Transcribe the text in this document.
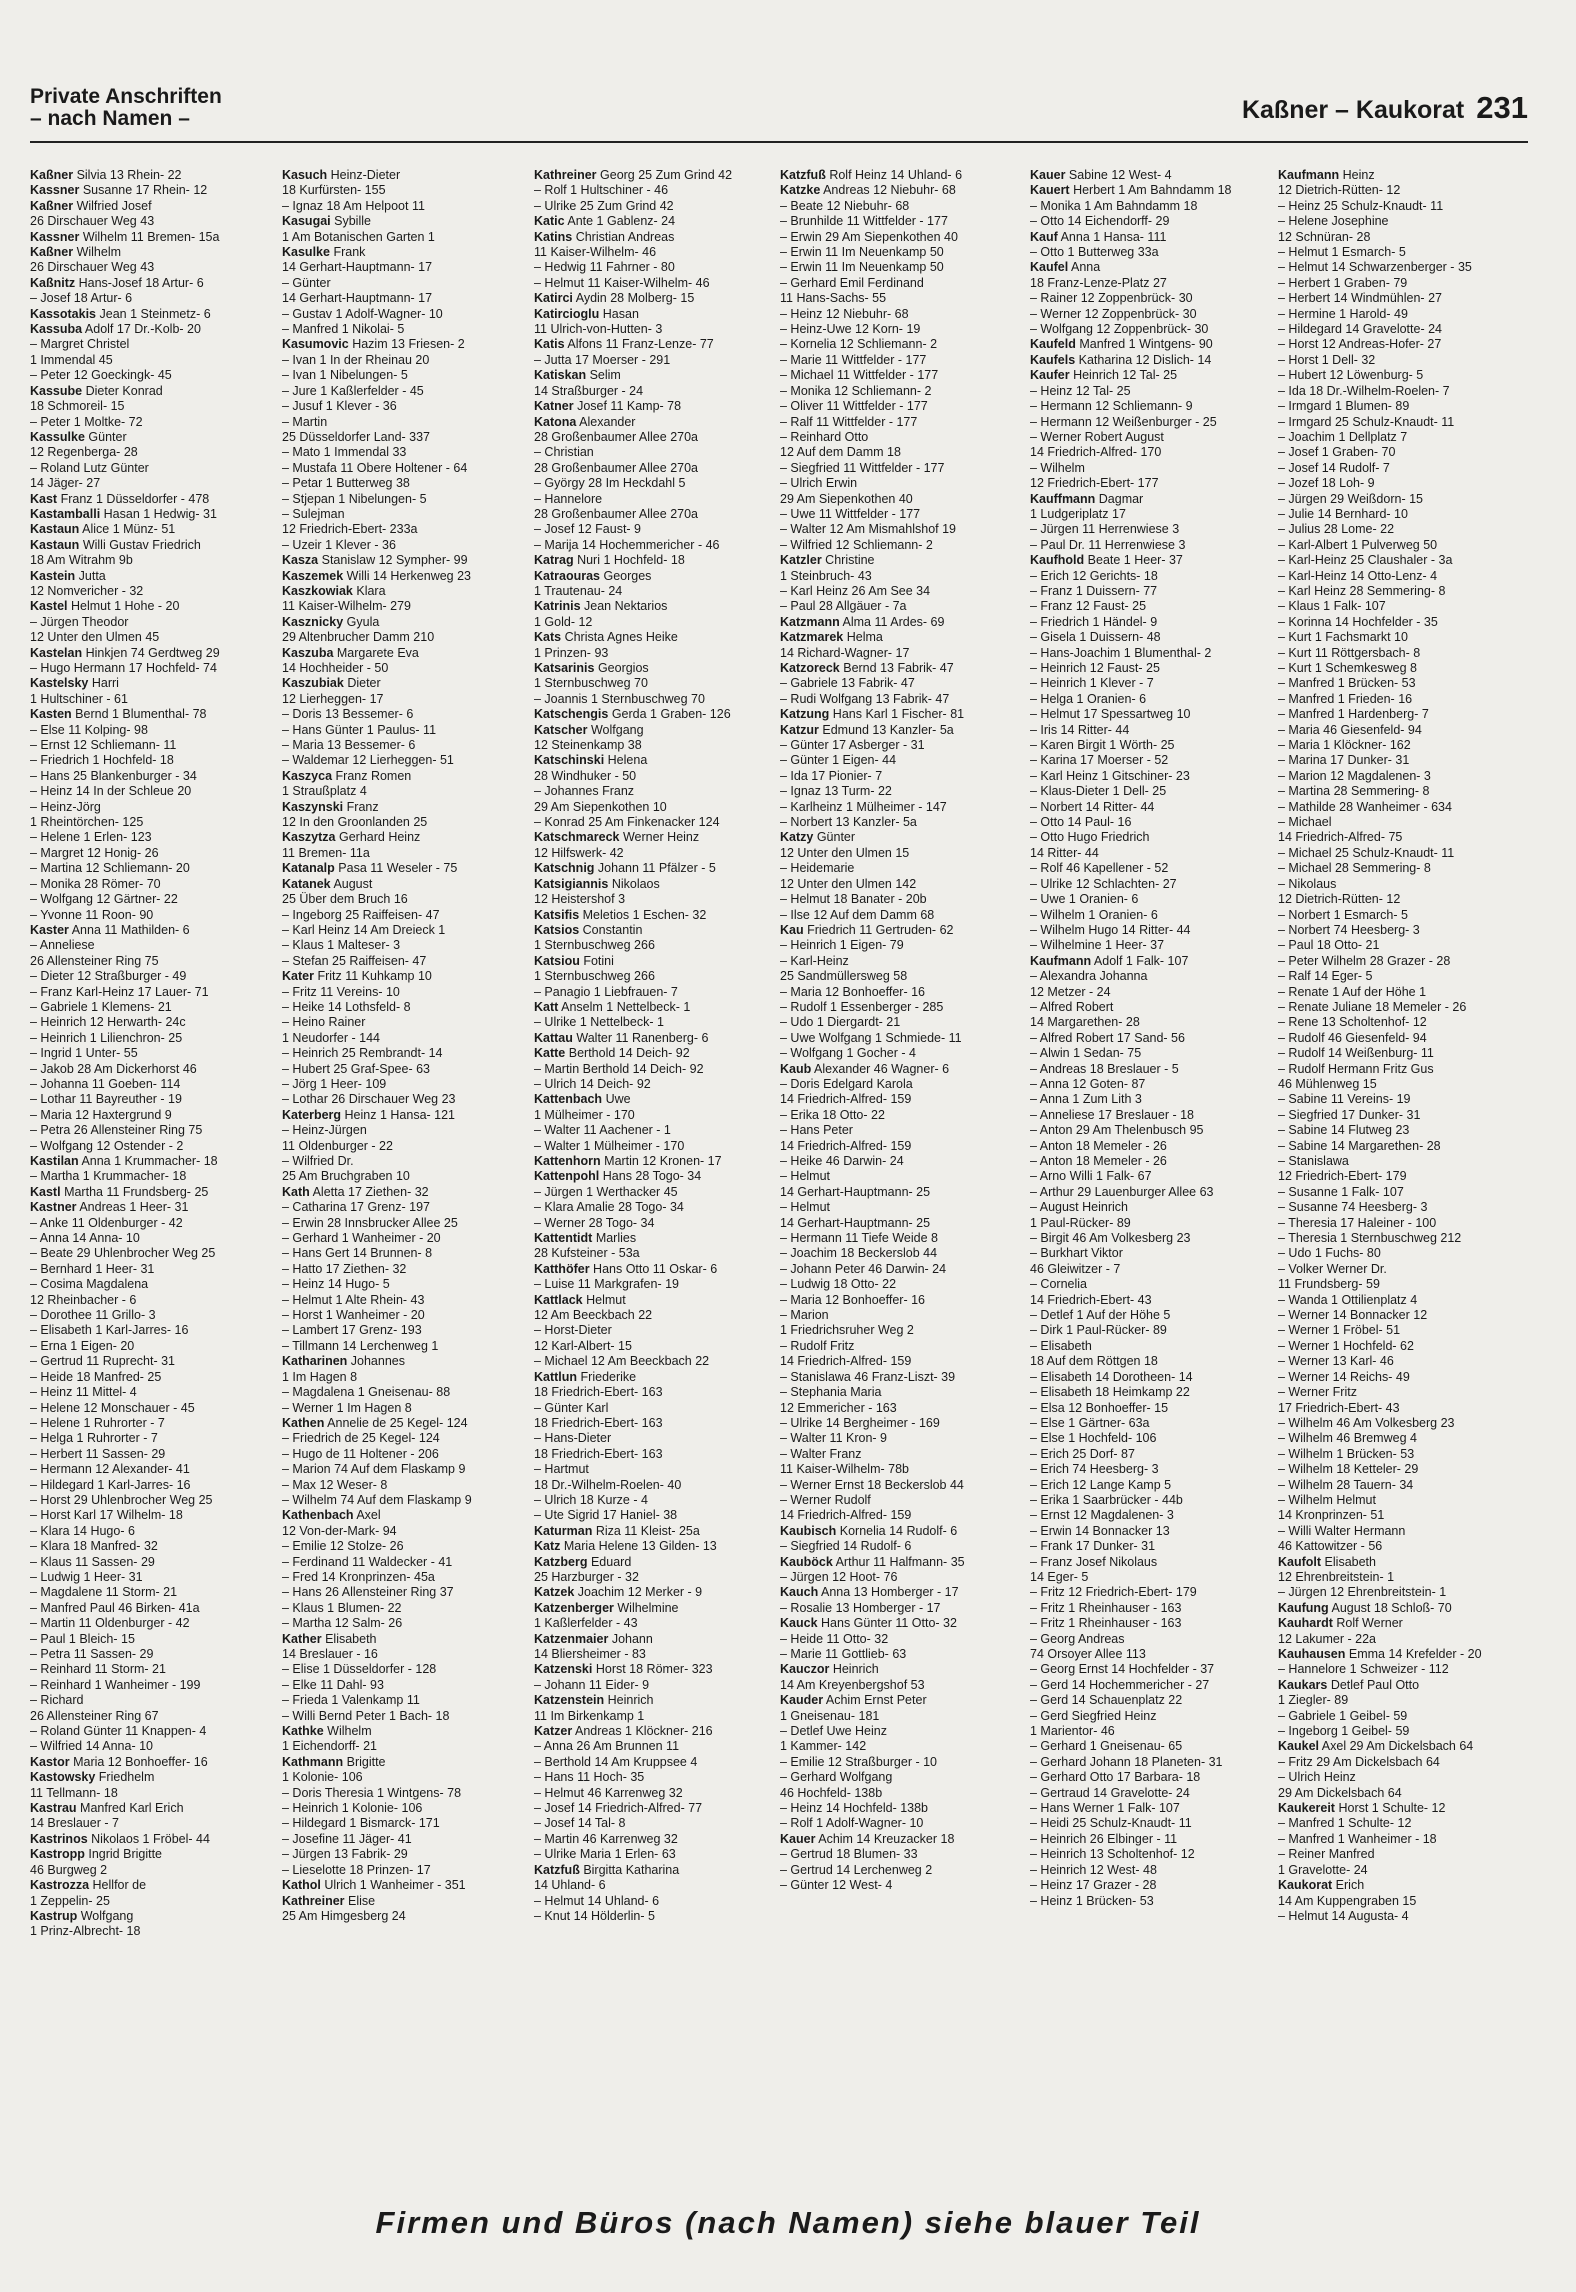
Private Anschriften
– nach Namen –	Kaßner – Kaukorat 231
Kaßner Silvia 13 Rhein- 22
Kassner Susanne 17 Rhein- 12
Kaßner Wilfried Josef
26 Dirschauer Weg 43
Kassner Wilhelm 11 Bremen- 15a
Kaßner Wilhelm
26 Dirschauer Weg 43
Kaßnitz Hans-Josef 18 Artur- 6
– Josef 18 Artur- 6
Kassotakis Jean 1 Steinmetz- 6
Kassuba Adolf 17 Dr.-Kolb- 20
– Margret Christel
1 Immendal 45
– Peter 12 Goeckingk- 45
Kassube Dieter Konrad
18 Schmoreil- 15
– Peter 1 Moltke- 72
Kassulke Günter
12 Regenberga- 28
– Roland Lutz Günter
14 Jäger- 27
Kast Franz 1 Düsseldorfer - 478
Kastamballi Hasan 1 Hedwig- 31
Kastaun Alice 1 Münz- 51
Kastaun Willi Gustav Friedrich
18 Am Witrahm 9b
Kastein Jutta
12 Nomvericher - 32
Kastel Helmut 1 Hohe - 20
– Jürgen Theodor
12 Unter den Ulmen 45
Kastelan Hinkjen 74 Gerdtweg 29
– Hugo Hermann 17 Hochfeld- 74
Kastelsky Harri
1 Hultschiner - 61
Kasten Bernd 1 Blumenthal- 78
– Else 11 Kolping- 98
– Ernst 12 Schliemann- 11
– Friedrich 1 Hochfeld- 18
– Hans 25 Blankenburger - 34
– Heinz 14 In der Schleue 20
– Heinz-Jörg
1 Rheintörchen- 125
– Helene 1 Erlen- 123
– Margret 12 Honig- 26
– Martina 12 Schliemann- 20
– Monika 28 Römer- 70
– Wolfgang 12 Gärtner- 22
– Yvonne 11 Roon- 90
Kaster Anna 11 Mathilden- 6
– Anneliese
26 Allensteiner Ring 75
– Dieter 12 Straßburger - 49
– Franz Karl-Heinz 17 Lauer- 71
– Gabriele 1 Klemens- 21
– Heinrich 12 Herwarth- 24c
– Heinrich 1 Lilienchron- 25
– Ingrid 1 Unter- 55
– Jakob 28 Am Dickerhorst 46
– Johanna 11 Goeben- 114
– Lothar 11 Bayreuther - 19
– Maria 12 Haxtergrund 9
– Petra 26 Allensteiner Ring 75
– Wolfgang 12 Ostender - 2
Kastilan Anna 1 Krummacher- 18
– Martha 1 Krummacher- 18
Kastl Martha 11 Frundsberg- 25
Kastner Andreas 1 Heer- 31
– Anke 11 Oldenburger - 42
– Anna 14 Anna- 10
– Beate 29 Uhlenbrocher Weg 25
– Bernhard 1 Heer- 31
– Cosima Magdalena
12 Rheinbacher - 6
– Dorothee 11 Grillo- 3
– Elisabeth 1 Karl-Jarres- 16
– Erna 1 Eigen- 20
– Gertrud 11 Ruprecht- 31
– Heide 18 Manfred- 25
– Heinz 11 Mittel- 4
– Helene 12 Monschauer - 45
– Helene 1 Ruhrorter - 7
– Helga 1 Ruhrorter - 7
– Herbert 11 Sassen- 29
– Hermann 12 Alexander- 41
– Hildegard 1 Karl-Jarres- 16
– Horst 29 Uhlenbrocher Weg 25
– Horst Karl 17 Wilhelm- 18
– Klara 14 Hugo- 6
– Klara 18 Manfred- 32
– Klaus 11 Sassen- 29
– Ludwig 1 Heer- 31
– Magdalene 11 Storm- 21
– Manfred Paul 46 Birken- 41a
– Martin 11 Oldenburger - 42
– Paul 1 Bleich- 15
– Petra 11 Sassen- 29
– Reinhard 11 Storm- 21
– Reinhard 1 Wanheimer - 199
– Richard
26 Allensteiner Ring 67
– Roland Günter 11 Knappen- 4
– Wilfried 14 Anna- 10
Kastor Maria 12 Bonhoeffer- 16
Kastowsky Friedhelm
11 Tellmann- 18
Kastrau Manfred Karl Erich
14 Breslauer - 7
Kastrinos Nikolaos 1 Fröbel- 44
Kastropp Ingrid Brigitte
46 Burgweg 2
Kastrozza Hellfor de
1 Zeppelin- 25
Kastrup Wolfgang
1 Prinz-Albrecht- 18
Kasuch Heinz-Dieter
18 Kurfürsten- 155
– Ignaz 18 Am Helpoot 11
Kasugai Sybille
1 Am Botanischen Garten 1
Kasulke Frank
14 Gerhart-Hauptmann- 17
– Günter
14 Gerhart-Hauptmann- 17
– Gustav 1 Adolf-Wagner- 10
– Manfred 1 Nikolai- 5
Kasumovic Hazim 13 Friesen- 2
– Ivan 1 In der Rheinau 20
– Ivan 1 Nibelungen- 5
– Jure 1 Kaßlerfelder - 45
– Jusuf 1 Klever - 36
– Martin
25 Düsseldorfer Land- 337
– Mato 1 Immendal 33
– Mustafa 11 Obere Holtener - 64
– Petar 1 Butterweg 38
– Stjepan 1 Nibelungen- 5
– Sulejman
12 Friedrich-Ebert- 233a
– Uzeir 1 Klever - 36
Kasza Stanislaw 12 Sympher- 99
Kaszemek Willi 14 Herkenweg 23
Kaszkowiak Klara
11 Kaiser-Wilhelm- 279
Kasznicky Gyula
29 Altenbrucher Damm 210
Kaszuba Margarete Eva
14 Hochheider - 50
Kaszubiak Dieter
12 Lierheggen- 17
– Doris 13 Bessemer- 6
– Hans Günter 1 Paulus- 11
– Maria 13 Bessemer- 6
– Waldemar 12 Lierheggen- 51
Kaszyca Franz Romen
1 Straußplatz 4
Kaszynski Franz
12 In den Groonlanden 25
Kaszytza Gerhard Heinz
11 Bremen- 11a
Katanalp Pasa 11 Weseler - 75
Katanek August
25 Über dem Bruch 16
– Ingeborg 25 Raiffeisen- 47
– Karl Heinz 14 Am Dreieck 1
– Klaus 1 Malteser- 3
– Stefan 25 Raiffeisen- 47
Kater Fritz 11 Kuhkamp 10
– Fritz 11 Vereins- 10
– Heike 14 Lothsfeld- 8
– Heino Rainer
1 Neudorfer - 144
– Heinrich 25 Rembrandt- 14
– Hubert 25 Graf-Spee- 63
– Jörg 1 Heer- 109
– Lothar 26 Dirschauer Weg 23
Katerberg Heinz 1 Hansa- 121
– Heinz-Jürgen
11 Oldenburger - 22
– Wilfried Dr.
25 Am Bruchgraben 10
Kath Aletta 17 Ziethen- 32
– Catharina 17 Grenz- 197
– Erwin 28 Innsbrucker Allee 25
– Gerhard 1 Wanheimer - 20
– Hans Gert 14 Brunnen- 8
– Hatto 17 Ziethen- 32
– Heinz 14 Hugo- 5
– Helmut 1 Alte Rhein- 43
– Horst 1 Wanheimer - 20
– Lambert 17 Grenz- 193
– Tillmann 14 Lerchenweg 1
Katharinen Johannes
1 Im Hagen 8
– Magdalena 1 Gneisenau- 88
– Werner 1 Im Hagen 8
Kathen Annelie de 25 Kegel- 124
– Friedrich de 25 Kegel- 124
– Hugo de 11 Holtener - 206
– Marion 74 Auf dem Flaskamp 9
– Max 12 Weser- 8
– Wilhelm 74 Auf dem Flaskamp 9
Kathenbach Axel
12 Von-der-Mark- 94
– Emilie 12 Stolze- 26
– Ferdinand 11 Waldecker - 41
– Fred 14 Kronprinzen- 45a
– Hans 26 Allensteiner Ring 37
– Klaus 1 Blumen- 22
– Martha 12 Salm- 26
Kather Elisabeth
14 Breslauer - 16
– Elise 1 Düsseldorfer - 128
– Elke 11 Dahl- 93
– Frieda 1 Valenkamp 11
– Willi Bernd Peter 1 Bach- 18
Kathke Wilhelm
1 Eichendorff- 21
Kathmann Brigitte
1 Kolonie- 106
– Doris Theresia 1 Wintgens- 78
– Heinrich 1 Kolonie- 106
– Hildegard 1 Bismarck- 171
– Josefine 11 Jäger- 41
– Jürgen 13 Fabrik- 29
– Lieselotte 18 Prinzen- 17
Kathol Ulrich 1 Wanheimer - 351
Kathreiner Elise
25 Am Himgesberg 24
Kathreiner Georg 25 Zum Grind 42
– Rolf 1 Hultschiner - 46
– Ulrike 25 Zum Grind 42
Katic Ante 1 Gablenz- 24
Katins Christian Andreas
11 Kaiser-Wilhelm- 46
– Hedwig 11 Fahrner - 80
– Helmut 11 Kaiser-Wilhelm- 46
Katirci Aydin 28 Molberg- 15
Katircioglu Hasan
11 Ulrich-von-Hutten- 3
Katis Alfons 11 Franz-Lenze- 77
– Jutta 17 Moerser - 291
Katiskan Selim
14 Straßburger - 24
Katner Josef 11 Kamp- 78
Katona Alexander
28 Großenbaumer Allee 270a
– Christian
28 Großenbaumer Allee 270a
– György 28 Im Heckdahl 5
– Hannelore
28 Großenbaumer Allee 270a
– Josef 12 Faust- 9
– Marija 14 Hochemmericher - 46
Katrag Nuri 1 Hochfeld- 18
Katraouras Georges
1 Trautenau- 24
Katrinis Jean Nektarios
1 Gold- 12
Kats Christa Agnes Heike
1 Prinzen- 93
Katsarinis Georgios
1 Sternbuschweg 70
– Joannis 1 Sternbuschweg 70
Katschengis Gerda 1 Graben- 126
Katscher Wolfgang
12 Steinenkamp 38
Katschinski Helena
28 Windhuker - 50
– Johannes Franz
29 Am Siepenkothen 10
– Konrad 25 Am Finkenacker 124
Katschmareck Werner Heinz
12 Hilfswerk- 42
Katschnig Johann 11 Pfälzer - 5
Katsigiannis Nikolaos
12 Heistershof 3
Katsifis Meletios 1 Eschen- 32
Katsios Constantin
1 Sternbuschweg 266
Katsiou Fotini
1 Sternbuschweg 266
– Panagio 1 Liebfrauen- 7
Katt Anselm 1 Nettelbeck- 1
– Ulrike 1 Nettelbeck- 1
Kattau Walter 11 Ranenberg- 6
Katte Berthold 14 Deich- 92
– Martin Berthold 14 Deich- 92
– Ulrich 14 Deich- 92
Kattenbach Uwe
1 Mülheimer - 170
– Walter 11 Aachener - 1
– Walter 1 Mülheimer - 170
Kattenhorn Martin 12 Kronen- 17
Kattenpohl Hans 28 Togo- 34
– Jürgen 1 Werthacker 45
– Klara Amalie 28 Togo- 34
– Werner 28 Togo- 34
Kattentidt Marlies
28 Kufsteiner - 53a
Katthöfer Hans Otto 11 Oskar- 6
– Luise 11 Markgrafen- 19
Kattlack Helmut
12 Am Beeckbach 22
– Horst-Dieter
12 Karl-Albert- 15
– Michael 12 Am Beeckbach 22
Kattlun Friederike
18 Friedrich-Ebert- 163
– Günter Karl
18 Friedrich-Ebert- 163
– Hans-Dieter
18 Friedrich-Ebert- 163
– Hartmut
18 Dr.-Wilhelm-Roelen- 40
– Ulrich 18 Kurze - 4
– Ute Sigrid 17 Haniel- 38
Katurman Riza 11 Kleist- 25a
Katz Maria Helene 13 Gilden- 13
Katzberg Eduard
25 Harzburger - 32
Katzek Joachim 12 Merker - 9
Katzenberger Wilhelmine
1 Kaßlerfelder - 43
Katzenmaier Johann
14 Bliersheimer - 83
Katzenski Horst 18 Römer- 323
– Johann 11 Eider- 9
Katzenstein Heinrich
11 Im Birkenkamp 1
Katzer Andreas 1 Klöckner- 216
– Anna 26 Am Brunnen 11
– Berthold 14 Am Kruppsee 4
– Hans 11 Hoch- 35
– Helmut 46 Karrenweg 32
– Josef 14 Friedrich-Alfred- 77
– Josef 14 Tal- 8
– Martin 46 Karrenweg 32
– Ulrike Maria 1 Erlen- 63
Katzfuß Birgitta Katharina
14 Uhland- 6
– Helmut 14 Uhland- 6
– Knut 14 Hölderlin- 5
Katzfuß Rolf Heinz 14 Uhland- 6
Katzke Andreas 12 Niebuhr- 68
– Beate 12 Niebuhr- 68
– Brunhilde 11 Wittfelder - 177
– Erwin 29 Am Siepenkothen 40
– Erwin 11 Im Neuenkamp 50
– Erwin 11 Im Neuenkamp 50
– Gerhard Emil Ferdinand
11 Hans-Sachs- 55
– Heinz 12 Niebuhr- 68
– Heinz-Uwe 12 Korn- 19
– Kornelia 12 Schliemann- 2
– Marie 11 Wittfelder - 177
– Michael 11 Wittfelder - 177
– Monika 12 Schliemann- 2
– Oliver 11 Wittfelder - 177
– Ralf 11 Wittfelder - 177
– Reinhard Otto
12 Auf dem Damm 18
– Siegfried 11 Wittfelder - 177
– Ulrich Erwin
29 Am Siepenkothen 40
– Uwe 11 Wittfelder - 177
– Walter 12 Am Mismahlshof 19
– Wilfried 12 Schliemann- 2
Katzler Christine
1 Steinbruch- 43
– Karl Heinz 26 Am See 34
– Paul 28 Allgäuer - 7a
Katzmann Alma 11 Ardes- 69
Katzmarek Helma
14 Richard-Wagner- 17
Katzoreck Bernd 13 Fabrik- 47
– Gabriele 13 Fabrik- 47
– Rudi Wolfgang 13 Fabrik- 47
Katzung Hans Karl 1 Fischer- 81
Katzur Edmund 13 Kanzler- 5a
– Günter 17 Asberger - 31
– Günter 1 Eigen- 44
– Ida 17 Pionier- 7
– Ignaz 13 Turm- 22
– Karlheinz 1 Mülheimer - 147
– Norbert 13 Kanzler- 5a
Katzy Günter
12 Unter den Ulmen 15
– Heidemarie
12 Unter den Ulmen 142
– Helmut 18 Banater - 20b
– Ilse 12 Auf dem Damm 68
Kau Friedrich 11 Gertruden- 62
– Heinrich 1 Eigen- 79
– Karl-Heinz
25 Sandmüllersweg 58
– Maria 12 Bonhoeffer- 16
– Rudolf 1 Essenberger - 285
– Udo 1 Diergardt- 21
– Uwe Wolfgang 1 Schmiede- 11
– Wolfgang 1 Gocher - 4
Kaub Alexander 46 Wagner- 6
– Doris Edelgard Karola
14 Friedrich-Alfred- 159
– Erika 18 Otto- 22
– Hans Peter
14 Friedrich-Alfred- 159
– Heike 46 Darwin- 24
– Helmut
14 Gerhart-Hauptmann- 25
– Helmut
14 Gerhart-Hauptmann- 25
– Hermann 11 Tiefe Weide 8
– Joachim 18 Beckerslob 44
– Johann Peter 46 Darwin- 24
– Ludwig 18 Otto- 22
– Maria 12 Bonhoeffer- 16
– Marion
1 Friedrichsruher Weg 2
– Rudolf Fritz
14 Friedrich-Alfred- 159
– Stanislawa 46 Franz-Liszt- 39
– Stephania Maria
12 Emmericher - 163
– Ulrike 14 Bergheimer - 169
– Walter 11 Kron- 9
– Walter Franz
11 Kaiser-Wilhelm- 78b
– Werner Ernst 18 Beckerslob 44
– Werner Rudolf
14 Friedrich-Alfred- 159
Kaubisch Kornelia 14 Rudolf- 6
– Siegfried 14 Rudolf- 6
Kauböck Arthur 11 Halfmann- 35
– Jürgen 12 Hoot- 76
Kauch Anna 13 Homberger - 17
– Rosalie 13 Homberger - 17
Kauck Hans Günter 11 Otto- 32
– Heide 11 Otto- 32
– Marie 11 Gottlieb- 63
Kauczor Heinrich
14 Am Kreyenbergshof 53
Kauder Achim Ernst Peter
1 Gneisenau- 181
– Detlef Uwe Heinz
1 Kammer- 142
– Emilie 12 Straßburger - 10
– Gerhard Wolfgang
46 Hochfeld- 138b
– Heinz 14 Hochfeld- 138b
– Rolf 1 Adolf-Wagner- 10
Kauer Achim 14 Kreuzacker 18
– Gertrud 18 Blumen- 33
– Gertrud 14 Lerchenweg 2
– Günter 12 West- 4
Kauer Sabine 12 West- 4
Kauert Herbert 1 Am Bahndamm 18
– Monika 1 Am Bahndamm 18
– Otto 14 Eichendorff- 29
Kauf Anna 1 Hansa- 111
– Otto 1 Butterweg 33a
Kaufel Anna
18 Franz-Lenze-Platz 27
– Rainer 12 Zoppenbrück- 30
– Werner 12 Zoppenbrück- 30
– Wolfgang 12 Zoppenbrück- 30
Kaufeld Manfred 1 Wintgens- 90
Kaufels Katharina 12 Dislich- 14
Kaufer Heinrich 12 Tal- 25
– Heinz 12 Tal- 25
– Hermann 12 Schliemann- 9
– Hermann 12 Weißenburger - 25
– Werner Robert August
14 Friedrich-Alfred- 170
– Wilhelm
12 Friedrich-Ebert- 177
Kauffmann Dagmar
1 Ludgeriplatz 17
– Jürgen 11 Herrenwiese 3
– Paul Dr. 11 Herrenwiese 3
Kaufhold Beate 1 Heer- 37
– Erich 12 Gerichts- 18
– Franz 1 Duissern- 77
– Franz 12 Faust- 25
– Friedrich 1 Händel- 9
– Gisela 1 Duissern- 48
– Hans-Joachim 1 Blumenthal- 2
– Heinrich 12 Faust- 25
– Heinrich 1 Klever - 7
– Helga 1 Oranien- 6
– Helmut 17 Spessartweg 10
– Iris 14 Ritter- 44
– Karen Birgit 1 Wörth- 25
– Karina 17 Moerser - 52
– Karl Heinz 1 Gitschiner- 23
– Klaus-Dieter 1 Dell- 25
– Norbert 14 Ritter- 44
– Otto 14 Paul- 16
– Otto Hugo Friedrich
14 Ritter- 44
– Rolf 46 Kapellener - 52
– Ulrike 12 Schlachten- 27
– Uwe 1 Oranien- 6
– Wilhelm 1 Oranien- 6
– Wilhelm Hugo 14 Ritter- 44
– Wilhelmine 1 Heer- 37
Kaufmann Adolf 1 Falk- 107
– Alexandra Johanna
12 Metzer - 24
– Alfred Robert
14 Margarethen- 28
– Alfred Robert 17 Sand- 56
– Alwin 1 Sedan- 75
– Andreas 18 Breslauer - 5
– Anna 12 Goten- 87
– Anna 1 Zum Lith 3
– Anneliese 17 Breslauer - 18
– Anton 29 Am Thelenbusch 95
– Anton 18 Memeler - 26
– Anton 18 Memeler - 26
– Arno Willi 1 Falk- 67
– Arthur 29 Lauenburger Allee 63
– August Heinrich
1 Paul-Rücker- 89
– Birgit 46 Am Volkesberg 23
– Burkhart Viktor
46 Gleiwitzer - 7
– Cornelia
14 Friedrich-Ebert- 43
– Detlef 1 Auf der Höhe 5
– Dirk 1 Paul-Rücker- 89
– Elisabeth
18 Auf dem Röttgen 18
– Elisabeth 14 Dorotheen- 14
– Elisabeth 18 Heimkamp 22
– Elsa 12 Bonhoeffer- 15
– Else 1 Gärtner- 63a
– Else 1 Hochfeld- 106
– Erich 25 Dorf- 87
– Erich 74 Heesberg- 3
– Erich 12 Lange Kamp 5
– Erika 1 Saarbrücker - 44b
– Ernst 12 Magdalenen- 3
– Erwin 14 Bonnacker 13
– Frank 17 Dunker- 31
– Franz Josef Nikolaus
14 Eger- 5
– Fritz 12 Friedrich-Ebert- 179
– Fritz 1 Rheinhauser - 163
– Fritz 1 Rheinhauser - 163
– Georg Andreas
74 Orsoyer Allee 113
– Georg Ernst 14 Hochfelder - 37
– Gerd 14 Hochemmericher - 27
– Gerd 14 Schauenplatz 22
– Gerd Siegfried Heinz
1 Marientor- 46
– Gerhard 1 Gneisenau- 65
– Gerhard Johann 18 Planeten- 31
– Gerhard Otto 17 Barbara- 18
– Gertraud 14 Gravelotte- 24
– Hans Werner 1 Falk- 107
– Heidi 25 Schulz-Knaudt- 11
– Heinrich 26 Elbinger - 11
– Heinrich 13 Scholtenhof- 12
– Heinrich 12 West- 48
– Heinz 17 Grazer - 28
– Heinz 1 Brücken- 53
Kaufmann Heinz
12 Dietrich-Rütten- 12
– Heinz 25 Schulz-Knaudt- 11
– Helene Josephine
12 Schnüran- 28
– Helmut 1 Esmarch- 5
– Helmut 14 Schwarzenberger - 35
– Herbert 1 Graben- 79
– Herbert 14 Windmühlen- 27
– Hermine 1 Harold- 49
– Hildegard 14 Gravelotte- 24
– Horst 12 Andreas-Hofer- 27
– Horst 1 Dell- 32
– Hubert 12 Löwenburg- 5
– Ida 18 Dr.-Wilhelm-Roelen- 7
– Irmgard 1 Blumen- 89
– Irmgard 25 Schulz-Knaudt- 11
– Joachim 1 Dellplatz 7
– Josef 1 Graben- 70
– Josef 14 Rudolf- 7
– Jozef 18 Loh- 9
– Jürgen 29 Weißdorn- 15
– Julie 14 Bernhard- 10
– Julius 28 Lome- 22
– Karl-Albert 1 Pulverweg 50
– Karl-Heinz 25 Claushaler - 3a
– Karl-Heinz 14 Otto-Lenz- 4
– Karl Heinz 28 Semmering- 8
– Klaus 1 Falk- 107
– Korinna 14 Hochfelder - 35
– Kurt 1 Fachsmarkt 10
– Kurt 11 Röttgersbach- 8
– Kurt 1 Schemkesweg 8
– Manfred 1 Brücken- 53
– Manfred 1 Frieden- 16
– Manfred 1 Hardenberg- 7
– Maria 46 Giesenfeld- 94
– Maria 1 Klöckner- 162
– Marina 17 Dunker- 31
– Marion 12 Magdalenen- 3
– Martina 28 Semmering- 8
– Mathilde 28 Wanheimer - 634
– Michael
14 Friedrich-Alfred- 75
– Michael 25 Schulz-Knaudt- 11
– Michael 28 Semmering- 8
– Nikolaus
12 Dietrich-Rütten- 12
– Norbert 1 Esmarch- 5
– Norbert 74 Heesberg- 3
– Paul 18 Otto- 21
– Peter Wilhelm 28 Grazer - 28
– Ralf 14 Eger- 5
– Renate 1 Auf der Höhe 1
– Renate Juliane 18 Memeler - 26
– Rene 13 Scholtenhof- 12
– Rudolf 46 Giesenfeld- 94
– Rudolf 14 Weißenburg- 11
– Rudolf Hermann Fritz Gus
46 Mühlenweg 15
– Sabine 11 Vereins- 19
– Siegfried 17 Dunker- 31
– Sabine 14 Flutweg 23
– Sabine 14 Margarethen- 28
– Stanislawa
12 Friedrich-Ebert- 179
– Susanne 1 Falk- 107
– Susanne 74 Heesberg- 3
– Theresia 17 Haleiner - 100
– Theresia 1 Sternbuschweg 212
– Udo 1 Fuchs- 80
– Volker Werner Dr.
11 Frundsberg- 59
– Wanda 1 Ottilienplatz 4
– Werner 14 Bonnacker 12
– Werner 1 Fröbel- 51
– Werner 1 Hochfeld- 62
– Werner 13 Karl- 46
– Werner 14 Reichs- 49
– Werner Fritz
17 Friedrich-Ebert- 43
– Wilhelm 46 Am Volkesberg 23
– Wilhelm 46 Bremweg 4
– Wilhelm 1 Brücken- 53
– Wilhelm 18 Ketteler- 29
– Wilhelm 28 Tauern- 34
– Wilhelm Helmut
14 Kronprinzen- 51
– Willi Walter Hermann
46 Kattowitzer - 56
Kaufolt Elisabeth
12 Ehrenbreitstein- 1
– Jürgen 12 Ehrenbreitstein- 1
Kaufung August 18 Schloß- 70
Kauhardt Rolf Werner
12 Lakumer - 22a
Kauhausen Emma 14 Krefelder - 20
– Hannelore 1 Schweizer - 112
Kaukars Detlef Paul Otto
1 Ziegler- 89
– Gabriele 1 Geibel- 59
– Ingeborg 1 Geibel- 59
Kaukel Axel 29 Am Dickelsbach 64
– Fritz 29 Am Dickelsbach 64
– Ulrich Heinz
29 Am Dickelsbach 64
Kaukereit Horst 1 Schulte- 12
– Manfred 1 Schulte- 12
– Manfred 1 Wanheimer - 18
– Reiner Manfred
1 Gravelotte- 24
Kaukorat Erich
14 Am Kuppengraben 15
– Helmut 14 Augusta- 4
Firmen und Büros (nach Namen) siehe blauer Teil
